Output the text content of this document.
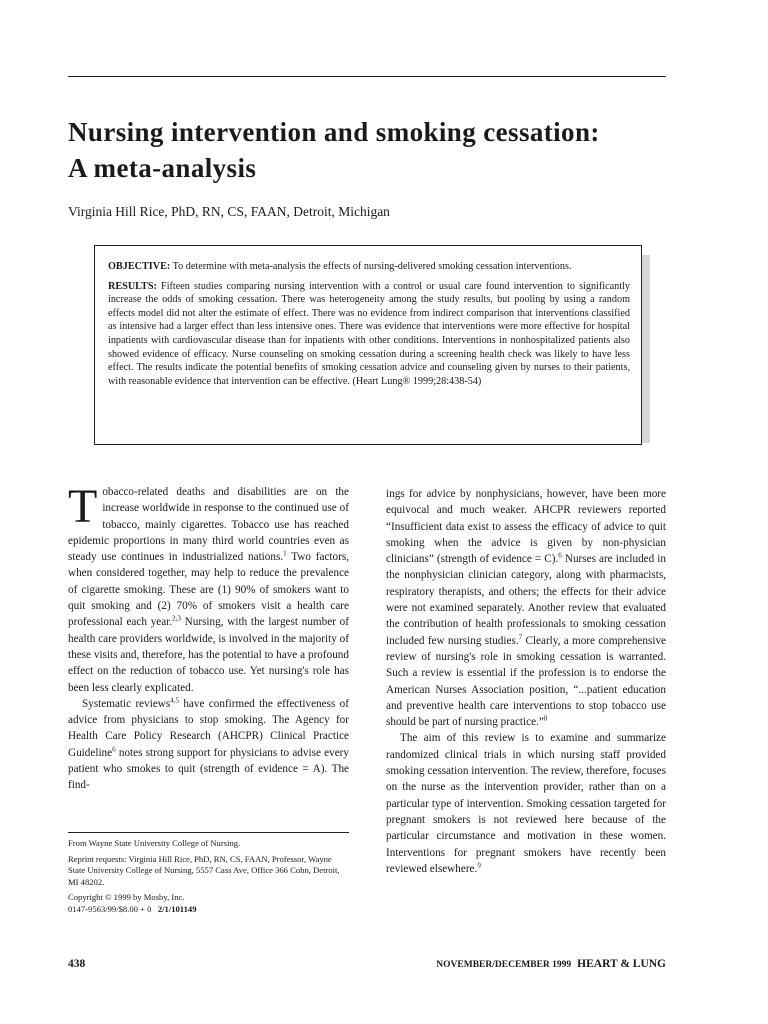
Nursing intervention and smoking cessation:
A meta-analysis
Virginia Hill Rice, PhD, RN, CS, FAAN, Detroit, Michigan

OBJECTIVE: To determine with meta-analysis the effects of nursing-delivered smoking cessation interventions.

RESULTS: Fifteen studies comparing nursing intervention with a control or usual care found intervention to significantly increase the odds of smoking cessation. There was heterogeneity among the study results, but pooling by using a random effects model did not alter the estimate of effect. There was no evidence from indirect comparison that interventions classified as intensive had a larger effect than less intensive ones. There was evidence that interventions were more effective for hospital inpatients with cardiovascular disease than for inpatients with other conditions. Interventions in nonhospitalized patients also showed evidence of efficacy. Nurse counseling on smoking cessation during a screening health check was likely to have less effect. The results indicate the potential benefits of smoking cessation advice and counseling given by nurses to their patients, with reasonable evidence that intervention can be effective. (Heart Lung® 1999;28:438-54)

Tobacco-related deaths and disabilities are on the increase worldwide in response to the continued use of tobacco, mainly cigarettes. Tobacco use has reached epidemic proportions in many third world countries even as steady use continues in industrialized nations.$^1$ Two factors, when considered together, may help to reduce the prevalence of cigarette smoking. These are (1) 90% of smokers want to quit smoking and (2) 70% of smokers visit a health care professional each year.$^{2,3}$ Nursing, with the largest number of health care providers worldwide, is involved in the majority of these visits and, therefore, has the potential to have a profound effect on the reduction of tobacco use. Yet nursing's role has been less clearly explicated.

Systematic reviews$^{4,5}$ have confirmed the effectiveness of advice from physicians to stop smoking. The Agency for Health Care Policy Research (AHCPR) Clinical Practice Guideline$^6$ notes strong support for physicians to advise every patient who smokes to quit (strength of evidence = A). The find-

From Wayne State University College of Nursing.

Reprint requests: Virginia Hill Rice, PhD, RN, CS, FAAN, Professor, Wayne State University College of Nursing, 5557 Cass Ave, Office 366 Cohn, Detroit, MI 48202.

Copyright © 1999 by Mosby, Inc.

0147-9563/99/$8.00 + 0 2/1/101149

ings for advice by nonphysicians, however, have been more equivocal and much weaker. AHCPR reviewers reported “Insufficient data exist to assess the efficacy of advice to quit smoking when the advice is given by non-physician clinicians” (strength of evidence = C).$^6$ Nurses are included in the nonphysician clinician category, along with pharmacists, respiratory therapists, and others; the effects for their advice were not examined separately. Another review that evaluated the contribution of health professionals to smoking cessation included few nursing studies.$^7$ Clearly, a more comprehensive review of nursing's role in smoking cessation is warranted. Such a review is essential if the profession is to endorse the American Nurses Association position, “...patient education and preventive health care interventions to stop tobacco use should be part of nursing practice.”$^8$

The aim of this review is to examine and summarize randomized clinical trials in which nursing staff provided smoking cessation intervention. The review, therefore, focuses on the nurse as the intervention provider, rather than on a particular type of intervention. Smoking cessation targeted for pregnant smokers is not reviewed here because of the particular circumstance and motivation in these women. Interventions for pregnant smokers have recently been reviewed elsewhere.$^9$

438	NOVEMBER/DECEMBER 1999 HEART & LUNG
